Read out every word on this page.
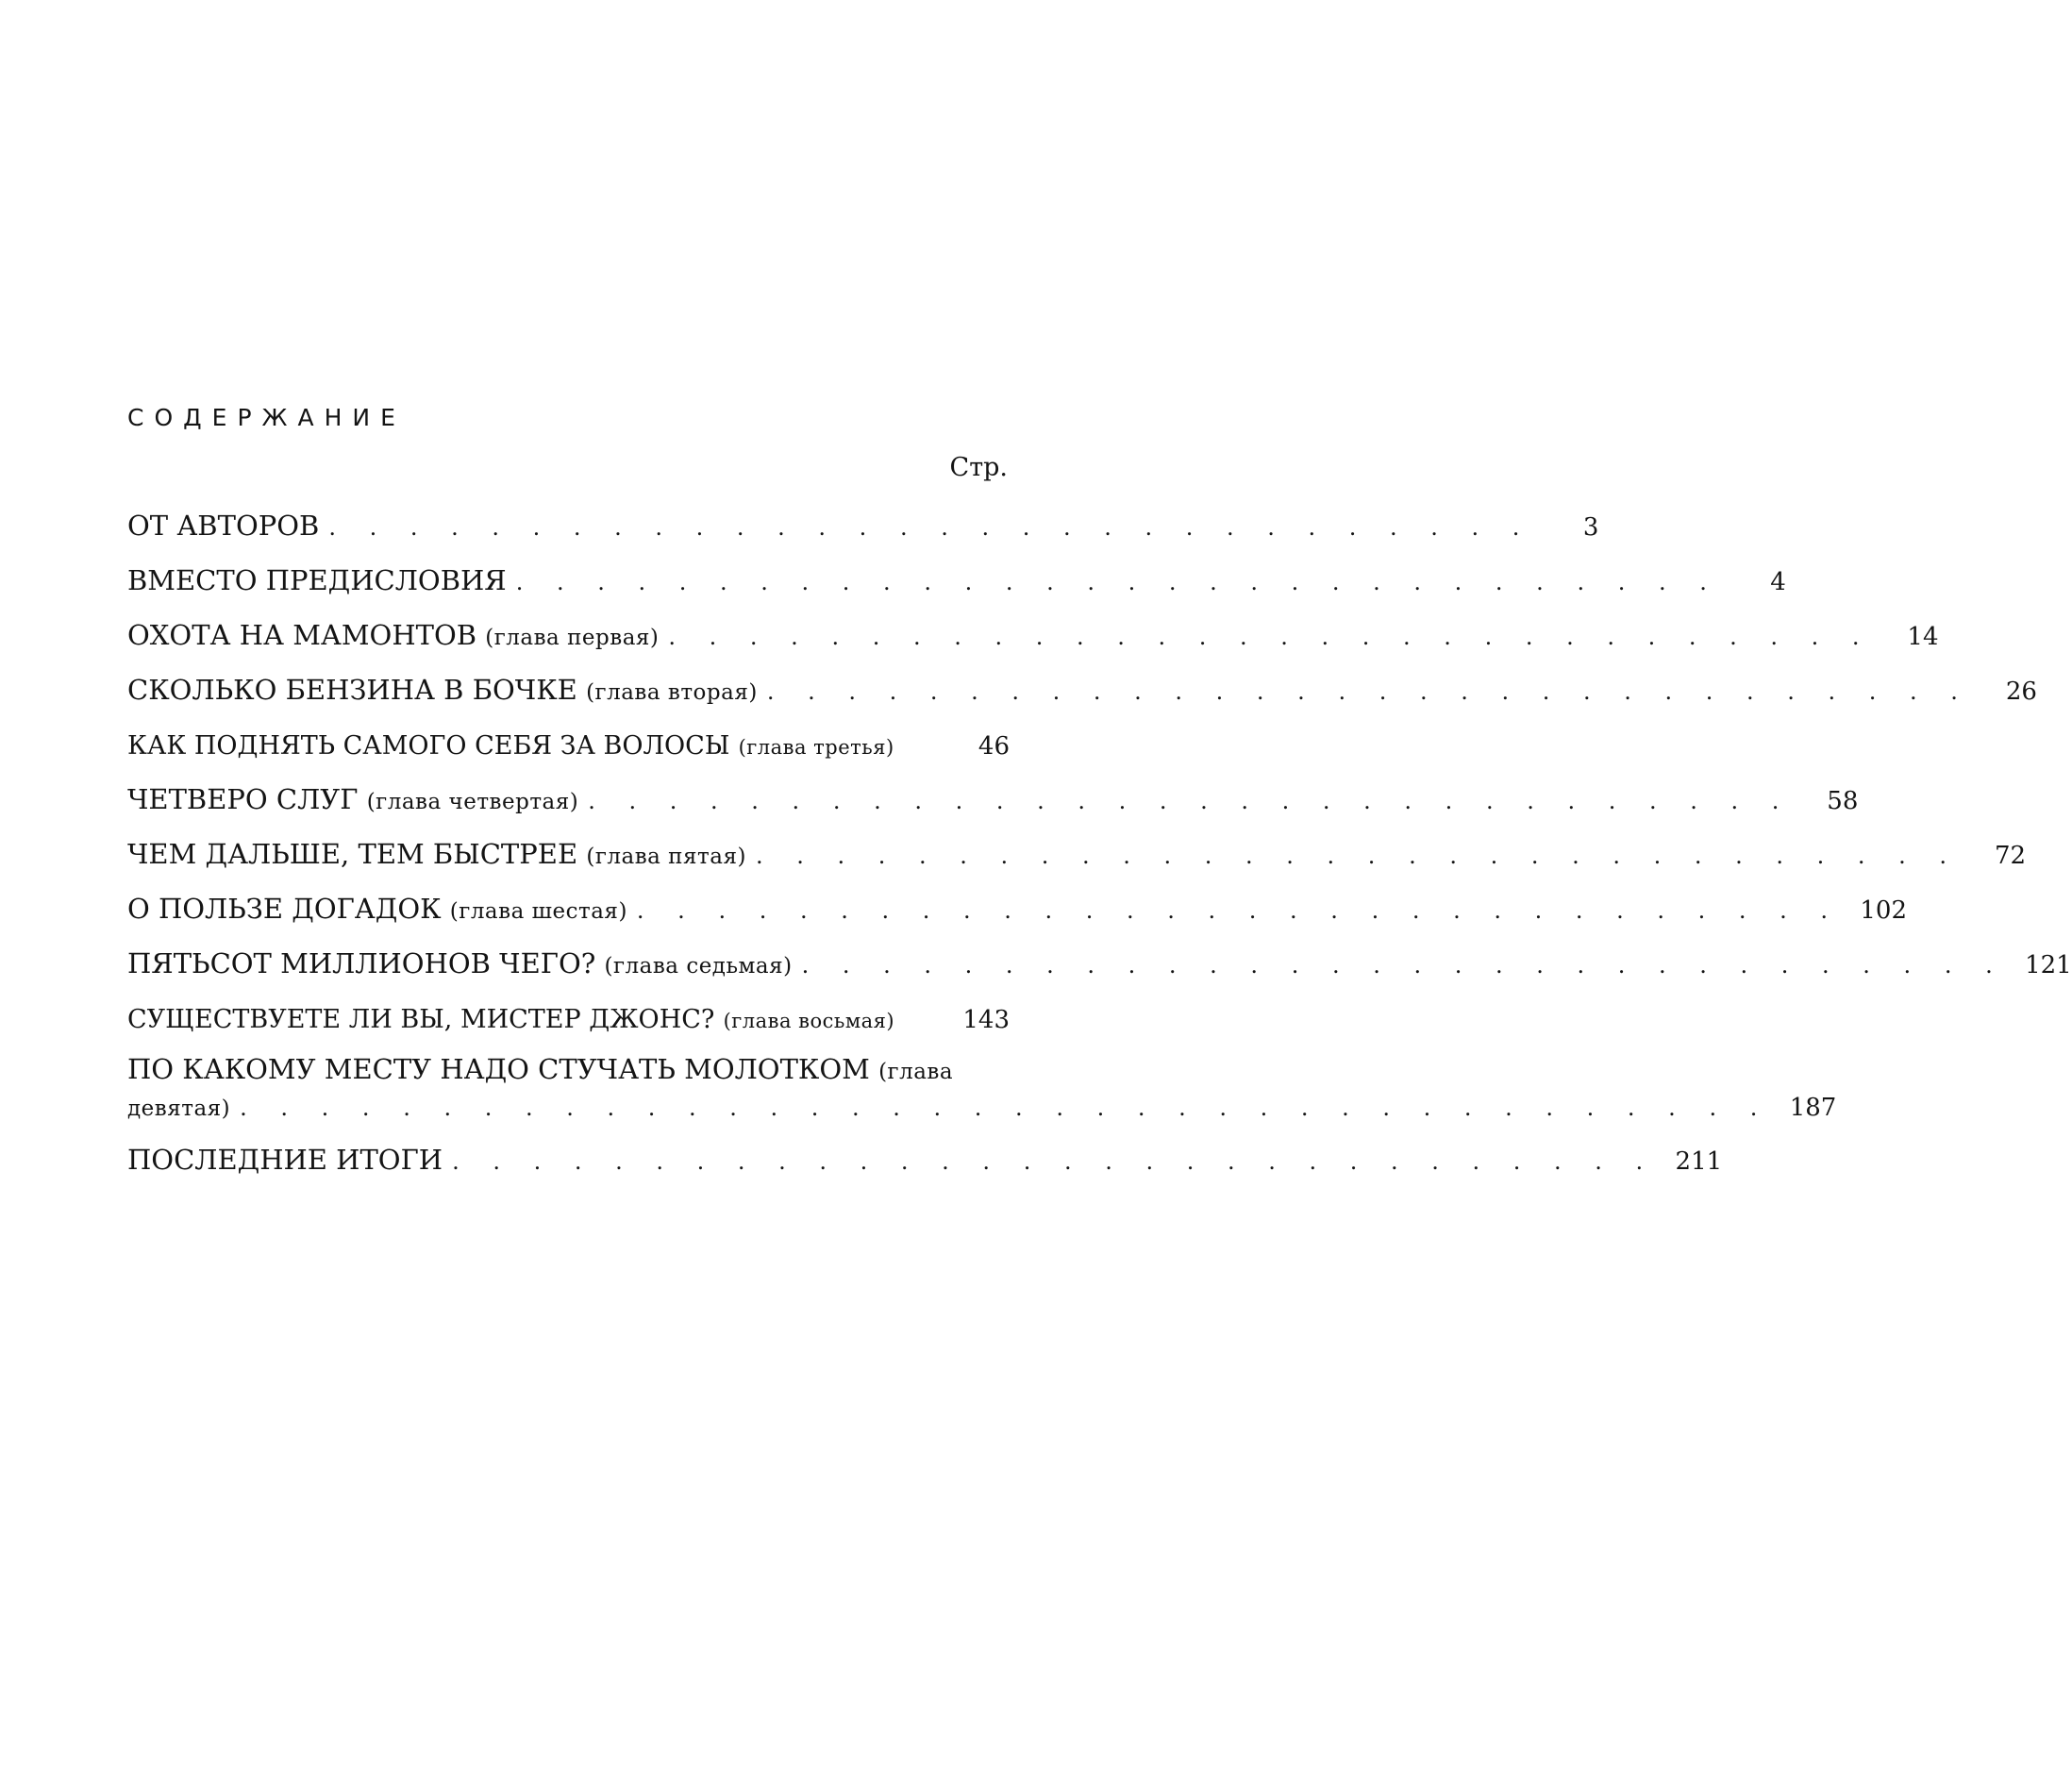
СОДЕРЖАНИЕ
Стр.
ОТ АВТОРОВ . . . . . . . . . . . . . . . . . . . . . . . . . . . . . .	3
ВМЕСТО ПРЕДИСЛОВИЯ . . . . . . . . . . . . . . . . . . . . . . . . . . . . . .	4
ОХОТА НА МАМОНТОВ (глава первая) . . . . . . . . . . . . . . . . . . . . . . . . . . . . . .	14
СКОЛЬКО БЕНЗИНА В БОЧКЕ (глава вторая) . . . . . . . . . . . . . . . . . . . . . . . . . . . . . .	26
КАК ПОДНЯТЬ САМОГО СЕБЯ ЗА ВОЛОСЫ (глава третья)	46
ЧЕТВЕРО СЛУГ (глава четвертая) . . . . . . . . . . . . . . . . . . . . . . . . . . . . . .	58
ЧЕМ ДАЛЬШЕ, ТЕМ БЫСТРЕЕ (глава пятая) . . . . . . . . . . . . . . . . . . . . . . . . . . . . . .	72
О ПОЛЬЗЕ ДОГАДОК (глава шестая) . . . . . . . . . . . . . . . . . . . . . . . . . . . . . . 102
ПЯТЬСОТ МИЛЛИОНОВ ЧЕГО? (глава седьмая) . . . . . . . . . . . . . . . . . . . . . . . . . . . . . . 121
СУЩЕСТВУЕТЕ ЛИ ВЫ, МИСТЕР ДЖОНС? (глава восьмая)	143
ПО КАКОМУ МЕСТУ НАДО СТУЧАТЬ МОЛОТКОМ (глава
девятая) . . . . . . . . . . . . . . . . . . . . . . . . . . . . . . . . . . . . . . 187
ПОСЛЕДНИЕ ИТОГИ . . . . . . . . . . . . . . . . . . . . . . . . . . . . . . 211
